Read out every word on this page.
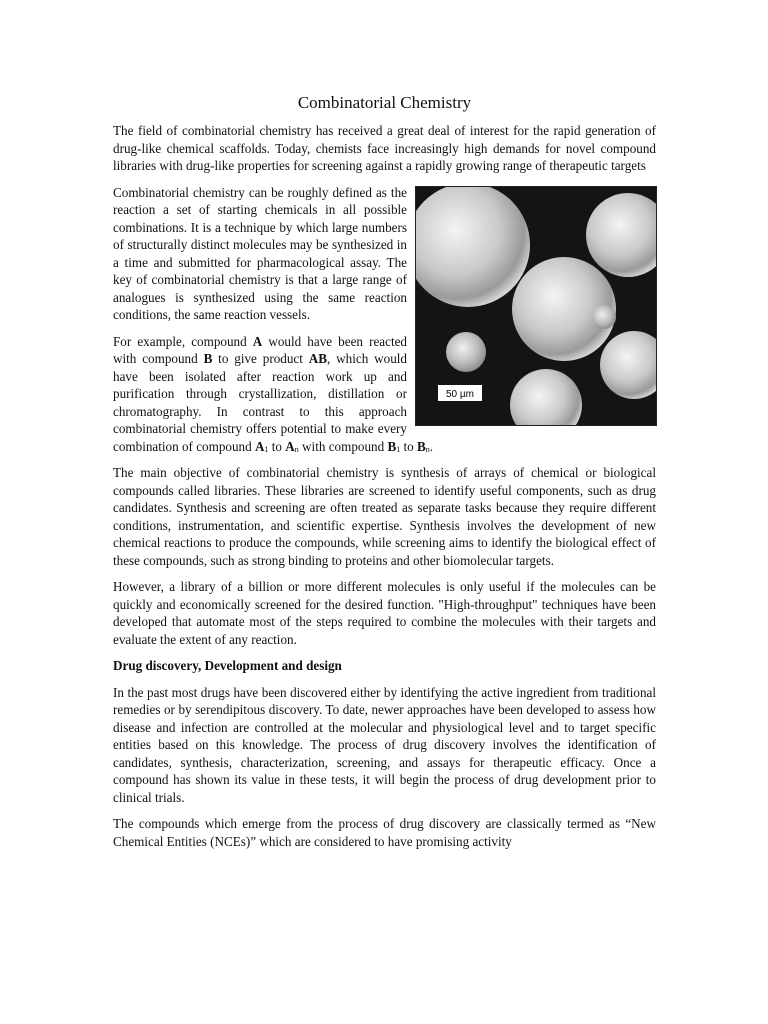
Combinatorial Chemistry

The field of combinatorial chemistry has received a great deal of interest for the rapid generation of drug-like chemical scaffolds. Today, chemists face increasingly high demands for novel compound libraries with drug-like properties for screening against a rapidly growing range of therapeutic targets

50 µm

Combinatorial chemistry can be roughly defined as the reaction a set of starting chemicals in all possible combinations. It is a technique by which large numbers of structurally distinct molecules may be synthesized in a time and submitted for pharmacological assay. The key of combinatorial chemistry is that a large range of analogues is synthesized using the same reaction conditions, the same reaction vessels.

For example, compound A would have been reacted with compound B to give product AB, which would have been isolated after reaction work up and purification through crystallization, distillation or chromatography. In contrast to this approach combinatorial chemistry offers potential to make every combination of compound $A_1$ to $A_n$ with compound $B_1$ to $B_n$.

The main objective of combinatorial chemistry is synthesis of arrays of chemical or biological compounds called libraries. These libraries are screened to identify useful components, such as drug candidates. Synthesis and screening are often treated as separate tasks because they require different conditions, instrumentation, and scientific expertise. Synthesis involves the development of new chemical reactions to produce the compounds, while screening aims to identify the biological effect of these compounds, such as strong binding to proteins and other biomolecular targets.

However, a library of a billion or more different molecules is only useful if the molecules can be quickly and economically screened for the desired function. "High-throughput" techniques have been developed that automate most of the steps required to combine the molecules with their targets and evaluate the extent of any reaction.

Drug discovery, Development and design

In the past most drugs have been discovered either by identifying the active ingredient from traditional remedies or by serendipitous discovery. To date, newer approaches have been developed to assess how disease and infection are controlled at the molecular and physiological level and to target specific entities based on this knowledge. The process of drug discovery involves the identification of candidates, synthesis, characterization, screening, and assays for therapeutic efficacy. Once a compound has shown its value in these tests, it will begin the process of drug development prior to clinical trials.

The compounds which emerge from the process of drug discovery are classically termed as “New Chemical Entities (NCEs)” which are considered to have promising activity
